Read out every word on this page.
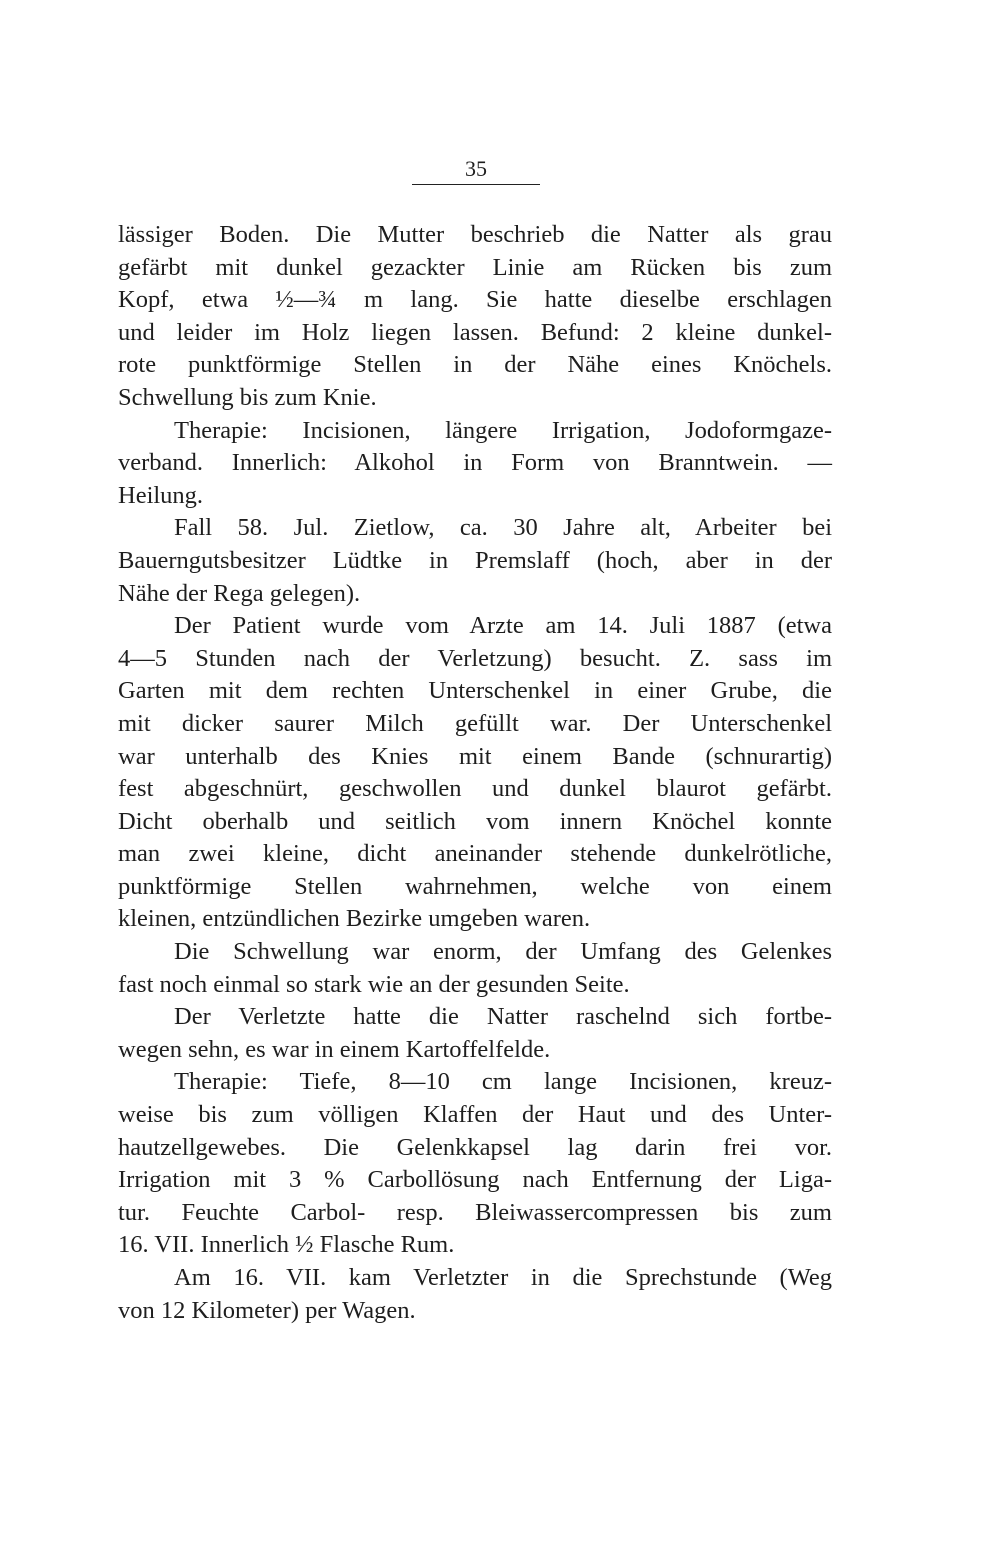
35
lässiger Boden. Die Mutter beschrieb die Natter als grau
gefärbt mit dunkel gezackter Linie am Rücken bis zum
Kopf, etwa ½—¾ m lang. Sie hatte dieselbe erschlagen
und leider im Holz liegen lassen. Befund: 2 kleine dunkel-
rote punktförmige Stellen in der Nähe eines Knöchels.
Schwellung bis zum Knie.
Therapie: Incisionen, längere Irrigation, Jodoformgaze-
verband. Innerlich: Alkohol in Form von Branntwein. —
Heilung.
Fall 58. Jul. Zietlow, ca. 30 Jahre alt, Arbeiter bei
Bauerngutsbesitzer Lüdtke in Premslaff (hoch, aber in der
Nähe der Rega gelegen).
Der Patient wurde vom Arzte am 14. Juli 1887 (etwa
4—5 Stunden nach der Verletzung) besucht. Z. sass im
Garten mit dem rechten Unterschenkel in einer Grube, die
mit dicker saurer Milch gefüllt war. Der Unterschenkel
war unterhalb des Knies mit einem Bande (schnurartig)
fest abgeschnürt, geschwollen und dunkel blaurot gefärbt.
Dicht oberhalb und seitlich vom innern Knöchel konnte
man zwei kleine, dicht aneinander stehende dunkelrötliche,
punktförmige Stellen wahrnehmen, welche von einem
kleinen, entzündlichen Bezirke umgeben waren.
Die Schwellung war enorm, der Umfang des Gelenkes
fast noch einmal so stark wie an der gesunden Seite.
Der Verletzte hatte die Natter raschelnd sich fortbe-
wegen sehn, es war in einem Kartoffelfelde.
Therapie: Tiefe, 8—10 cm lange Incisionen, kreuz-
weise bis zum völligen Klaffen der Haut und des Unter-
hautzellgewebes. Die Gelenkkapsel lag darin frei vor.
Irrigation mit 3 % Carbollösung nach Entfernung der Liga-
tur. Feuchte Carbol- resp. Bleiwassercompressen bis zum
16. VII. Innerlich ½ Flasche Rum.
Am 16. VII. kam Verletzter in die Sprechstunde (Weg
von 12 Kilometer) per Wagen.
